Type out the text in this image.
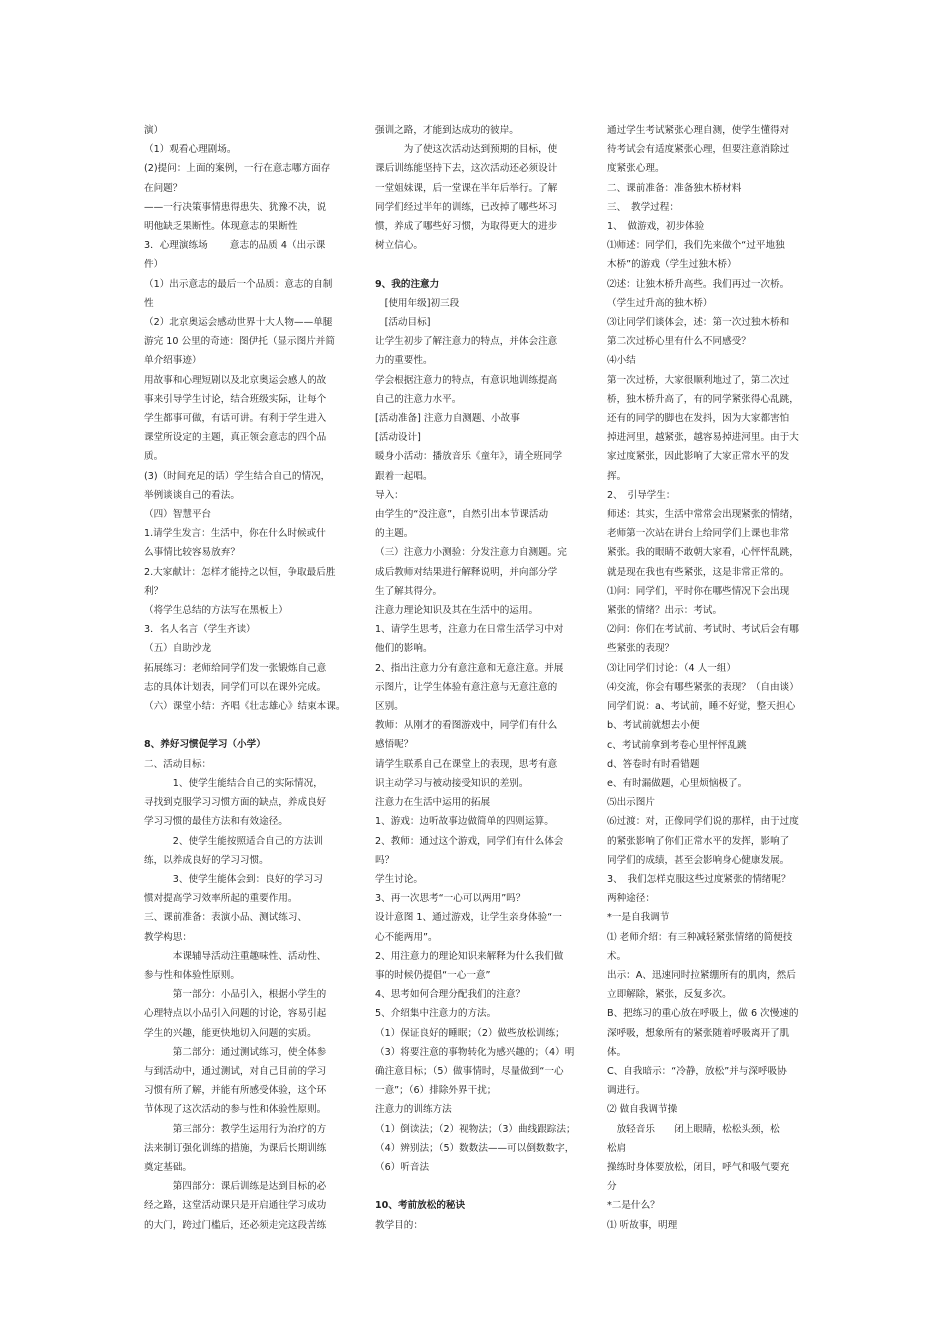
演）
（1）观看心理剧场。
(2)提问：上面的案例，一行在意志哪方面存
在问题？
——一行决策事情患得患失、犹豫不决，说
明他缺乏果断性。体现意志的果断性
3．心理演练场　　 意志的品质 4（出示课
件）
（1）出示意志的最后一个品质：意志的自制
性
（2）北京奥运会感动世界十大人物——单腿
游完 10 公里的奇迹：图伊托（显示图片并简
单介绍事迹）
用故事和心理短剧以及北京奥运会感人的故
事来引导学生讨论，结合班级实际，让每个
学生都事可做，有话可讲。有利于学生进入
课堂所设定的主题，真正领会意志的四个品
质。
(3)（时间充足的话）学生结合自己的情况，
举例谈谈自己的看法。
（四）智慧平台
1.请学生发言：生活中，你在什么时候或什
么事情比较容易放弃？
2.大家献计：怎样才能持之以恒，争取最后胜
利？
（将学生总结的方法写在黑板上）
3．名人名言（学生齐读）
（五）自助沙龙
拓展练习：老师给同学们发一张锻炼自己意
志的具体计划表，同学们可以在课外完成。
（六）课堂小结：齐唱《壮志雄心》结束本课。
8、养好习惯促学习（小学）
二、活动目标：
　　　1、使学生能结合自己的实际情况，
寻找到克服学习习惯方面的缺点，养成良好
学习习惯的最佳方法和有效途径。
　　　2、使学生能按照适合自己的方法训
练，以养成良好的学习习惯。
　　　3、使学生能体会到：良好的学习习
惯对提高学习效率所起的重要作用。
三、课前准备：表演小品、测试练习、
教学构思：
　　　本课辅导活动注重趣味性、活动性、
参与性和体验性原则。
　　　第一部分：小品引入，根据小学生的
心理特点以小品引入问题的讨论，容易引起
学生的兴趣，能更快地切入问题的实质。
　　　第二部分：通过测试练习，使全体参
与到活动中，通过测试，对自己目前的学习
习惯有所了解，并能有所感受体验，这个环
节体现了这次活动的参与性和体验性原则。
　　　第三部分：教学生运用行为治疗的方
法来制订强化训练的措施，为课后长期训练
奠定基础。
　　　第四部分：课后训练是达到目标的必
经之路，这堂活动课只是开启通往学习成功
的大门，跨过门槛后，还必须走完这段苦练
强训之路，才能到达成功的彼岸。
　　　为了使这次活动达到预期的目标，使
课后训练能坚持下去，这次活动还必须设计
一堂姐妹课，后一堂课在半年后举行。了解
同学们经过半年的训练，已改掉了哪些坏习
惯，养成了哪些好习惯，为取得更大的进步
树立信心。
9、我的注意力
　[使用年级]初三段
　[活动目标]
让学生初步了解注意力的特点，并体会注意
力的重要性。
学会根据注意力的特点，有意识地训练提高
自己的注意力水平。
[活动准备] 注意力自测题、小故事
[活动设计]
暖身小活动：播放音乐《童年》，请全班同学
跟着一起唱。
导入：
由学生的“没注意”，自然引出本节课活动
的主题。
（三）注意力小测验：分发注意力自测题。完
成后教师对结果进行解释说明，并向部分学
生了解其得分。
注意力理论知识及其在生活中的运用。
1、请学生思考，注意力在日常生活学习中对
他们的影响。
2、指出注意力分有意注意和无意注意。并展
示图片，让学生体验有意注意与无意注意的
区别。
教师：从刚才的看图游戏中，同学们有什么
感悟呢？
请学生联系自己在课堂上的表现，思考有意
识主动学习与被动接受知识的差别。
注意力在生活中运用的拓展
1、游戏：边听故事边做简单的四则运算。
2、教师：通过这个游戏，同学们有什么体会
吗？
学生讨论。
3、再一次思考“一心可以两用”吗？
设计意图 1、通过游戏，让学生亲身体验“一
心不能两用”。
2、用注意力的理论知识来解释为什么我们做
事的时候仍提倡“一心一意”
4、思考如何合理分配我们的注意？
5、介绍集中注意力的方法。
（1）保证良好的睡眠；（2）做些放松训练；
（3）将要注意的事物转化为感兴趣的；（4）明
确注意目标；（5）做事情时，尽量做到“一心
一意”；（6）排除外界干扰；
注意力的训练方法
（1）倒读法；（2）视物法；（3）曲线跟踪法；
（4）辨别法；（5）数数法——可以倒数数字，
（6）听音法
10、考前放松的秘诀
教学目的：
通过学生考试紧张心理自测，使学生懂得对
待考试会有适度紧张心理，但要注意消除过
度紧张心理。
二、课前准备：准备独木桥材料
三、　教学过程：
1、　做游戏，初步体验
⑴师述：同学们，我们先来做个“过平地独
木桥”的游戏（学生过独木桥）
⑵述：让独木桥升高些。我们再过一次桥。
（学生过升高的独木桥）
⑶让同学们谈体会，述：第一次过独木桥和
第二次过桥心里有什么不同感受？
⑷小结
第一次过桥，大家很顺利地过了，第二次过
桥，独木桥升高了，有的同学紧张得心乱跳，
还有的同学的脚也在发抖，因为大家都害怕
掉进河里，越紧张，越容易掉进河里。由于大
家过度紧张，因此影响了大家正常水平的发
挥。
2、　引导学生：
师述：其实，生活中常常会出现紧张的情绪，
老师第一次站在讲台上给同学们上课也非常
紧张。我的眼睛不敢朝大家看，心怦怦乱跳，
就是现在我也有些紧张，这是非常正常的。
⑴问：同学们，平时你在哪些情况下会出现
紧张的情绪？出示：考试。
⑵问：你们在考试前、考试时、考试后会有哪
些紧张的表现？
⑶让同学们讨论：（4 人一组）
⑷交流，你会有哪些紧张的表现？（自由谈）
同学们说：a、考试前，睡不好觉，整天担心
b、考试前就想去小便
c、考试前拿到考卷心里怦怦乱跳
d、答卷时有时看错题
e、有时漏做题，心里烦恼极了。
⑸出示图片
⑹过渡：对，正像同学们说的那样，由于过度
的紧张影响了你们正常水平的发挥，影响了
同学们的成绩，甚至会影响身心健康发展。
3、　我们怎样克服这些过度紧张的情绪呢？
两种途径：
*一是自我调节
⑴ 老师介绍：有三种减轻紧张情绪的简便技
术。
出示：A、迅速同时拉紧绷所有的肌肉，然后
立即解除，紧张，反复多次。
B、把练习的重心放在呼吸上，做 6 次慢速的
深呼吸，想象所有的紧张随着呼吸离开了肌
体。
C、自我暗示：“冷静，放松”并与深呼吸协
调进行。
⑵ 做自我调节操
　放轻音乐　　闭上眼睛，松松头颈，松
松肩
操练时身体要放松，闭目，呼气和吸气要充
分
*二是什么？
⑴ 听故事，明理
